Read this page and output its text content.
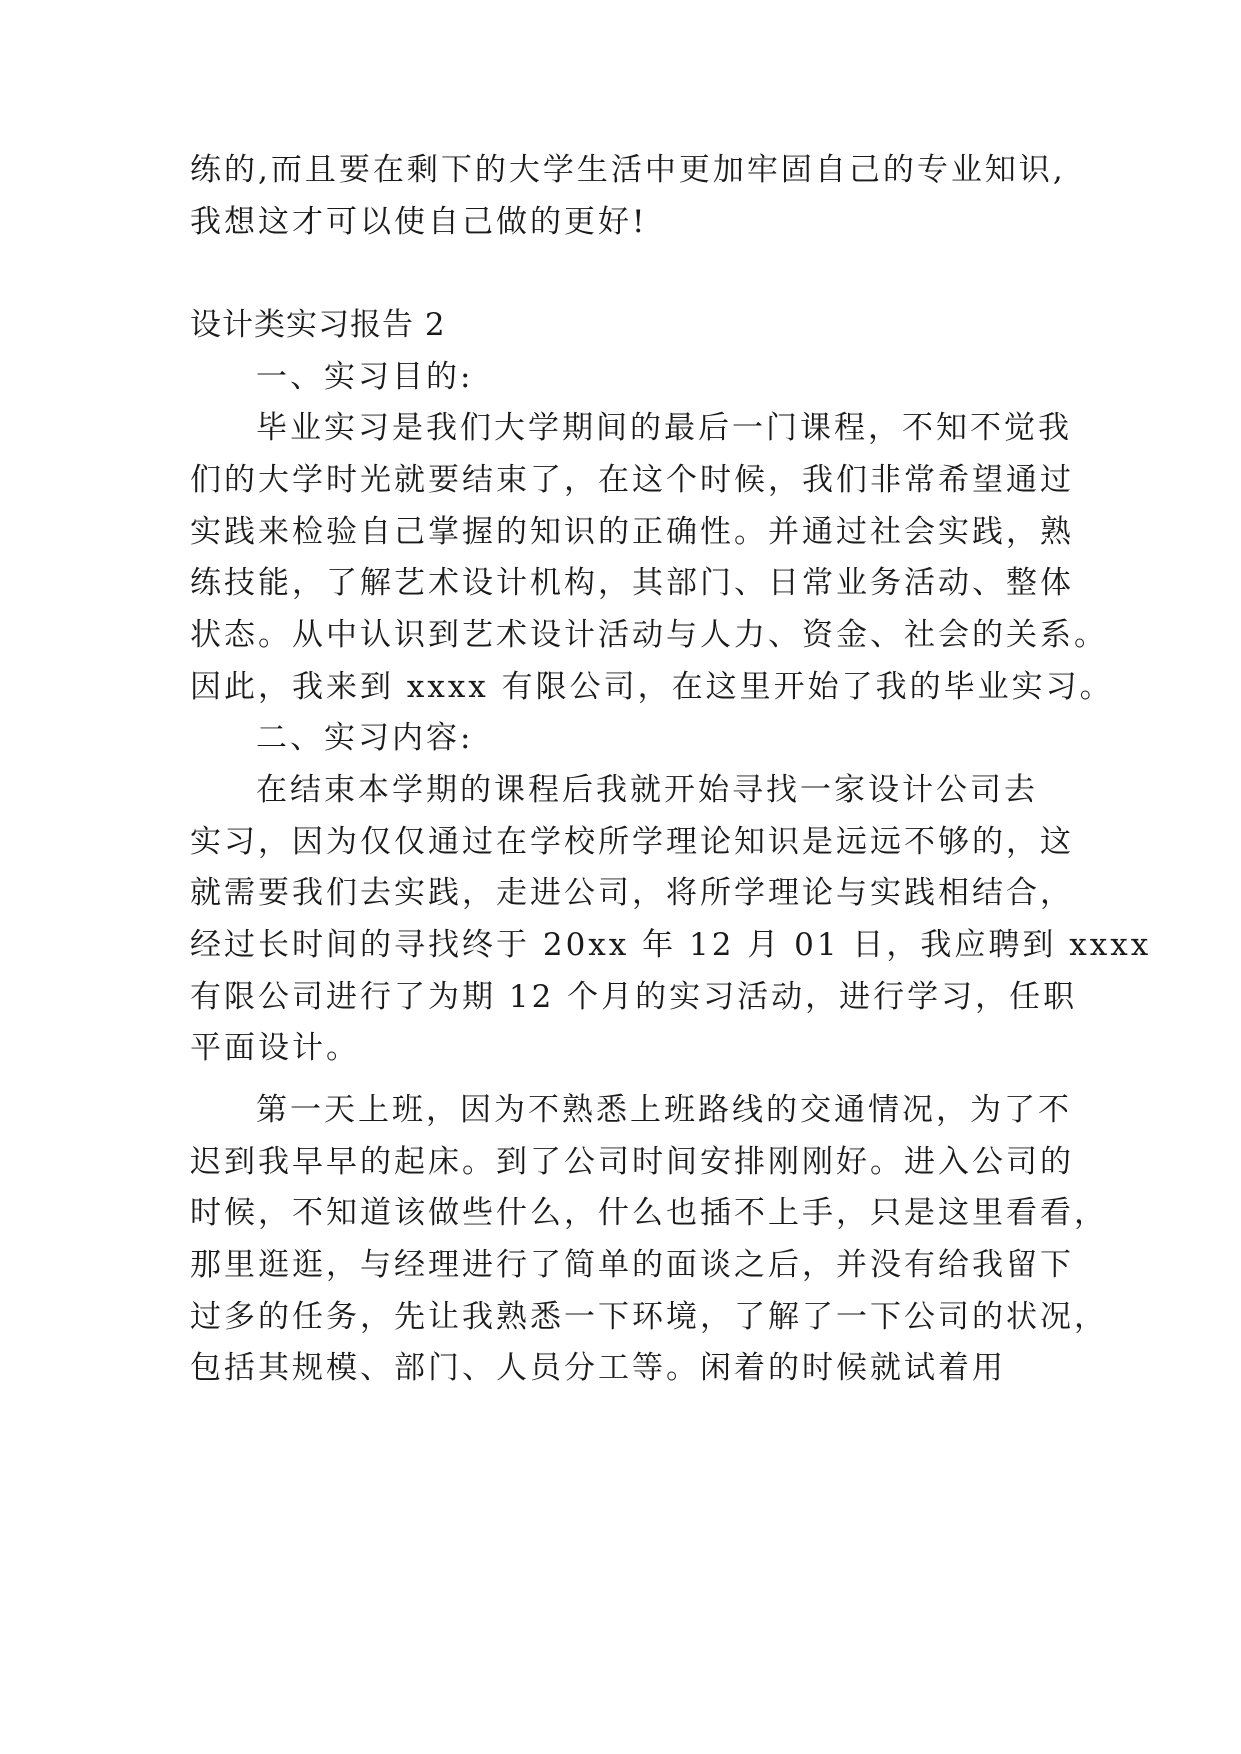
练的,而且要在剩下的大学生活中更加牢固自己的专业知识,
我想这才可以使自己做的更好!
设计类实习报告 2
一、实习目的:
毕业实习是我们大学期间的最后一门课程，不知不觉我
们的大学时光就要结束了，在这个时候，我们非常希望通过
实践来检验自己掌握的知识的正确性。并通过社会实践，熟
练技能，了解艺术设计机构，其部门、日常业务活动、整体
状态。从中认识到艺术设计活动与人力、资金、社会的关系。
因此，我来到 xxxx 有限公司，在这里开始了我的毕业实习。
二、实习内容:
在结束本学期的课程后我就开始寻找一家设计公司去
实习，因为仅仅通过在学校所学理论知识是远远不够的，这
就需要我们去实践，走进公司，将所学理论与实践相结合，
经过长时间的寻找终于 20xx 年 12 月 01 日，我应聘到 xxxx
有限公司进行了为期 12 个月的实习活动，进行学习，任职
平面设计。
第一天上班，因为不熟悉上班路线的交通情况，为了不
迟到我早早的起床。到了公司时间安排刚刚好。进入公司的
时候，不知道该做些什么，什么也插不上手，只是这里看看，
那里逛逛，与经理进行了简单的面谈之后，并没有给我留下
过多的任务，先让我熟悉一下环境，了解了一下公司的状况，
包括其规模、部门、人员分工等。闲着的时候就试着用
